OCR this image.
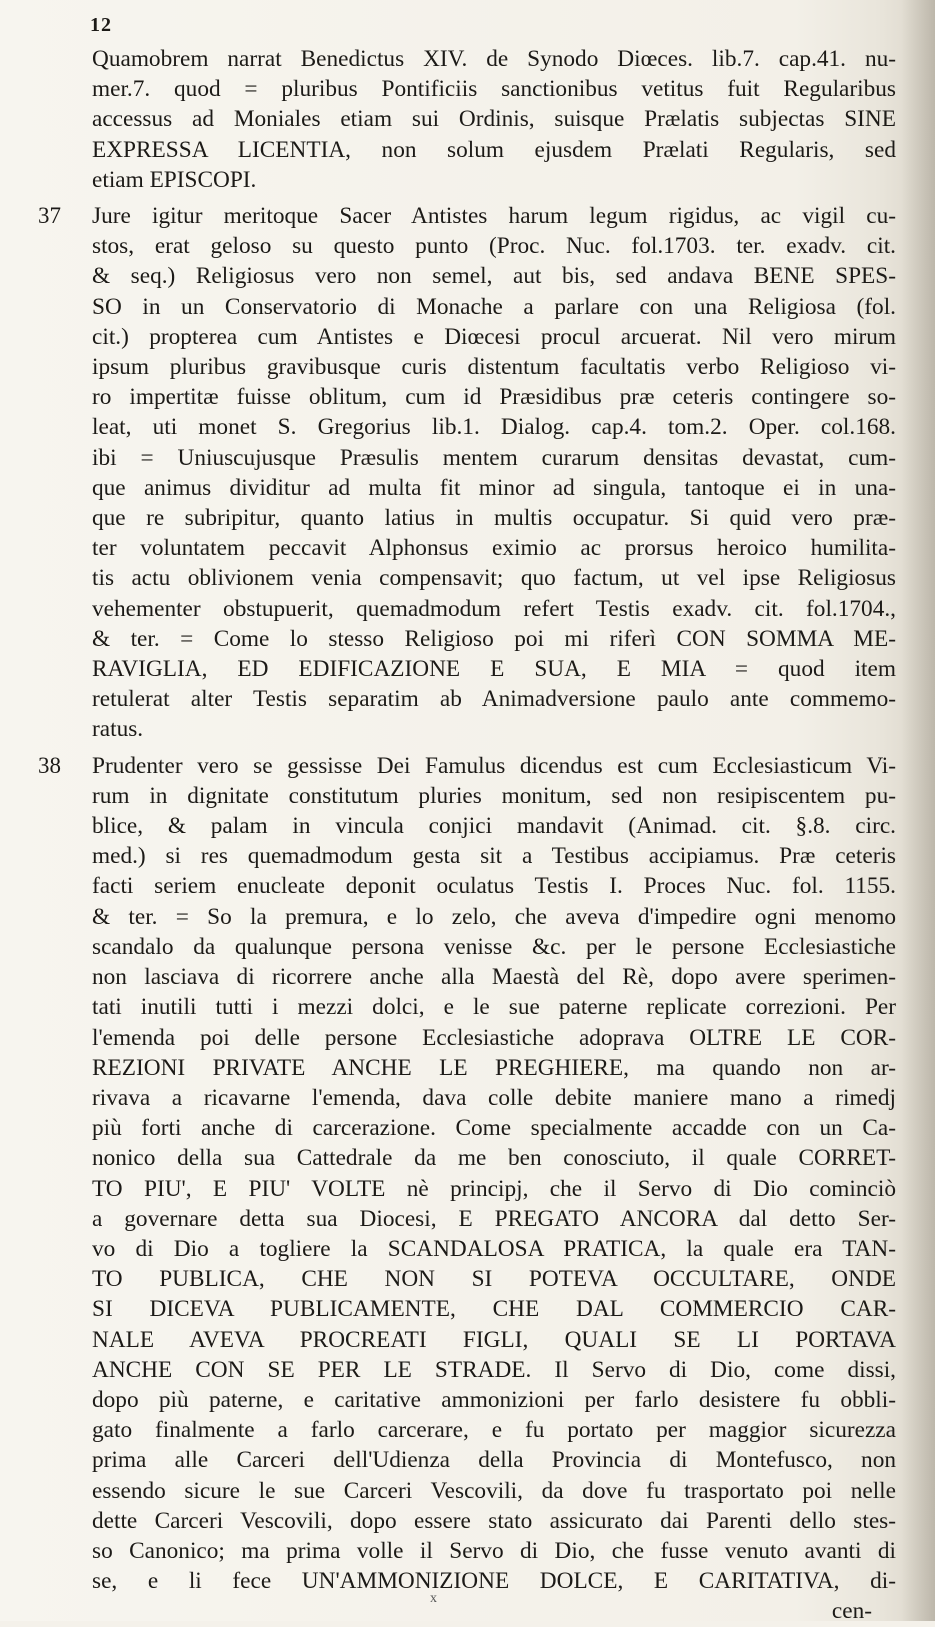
12
Quamobrem narrat Benedictus XIV. de Synodo Diœces. lib.7. cap.41. nu-
mer.7. quod = pluribus Pontificiis sanctionibus vetitus fuit Regularibus
accessus ad Moniales etiam sui Ordinis, suisque Prælatis subjectas SINE
EXPRESSA LICENTIA, non solum ejusdem Prælati Regularis, sed
etiam EPISCOPI.
37	Jure igitur meritoque Sacer Antistes harum legum rigidus, ac vigil cu-
stos, erat geloso su questo punto (Proc. Nuc. fol.1703. ter. exadv. cit.
& seq.) Religiosus vero non semel, aut bis, sed andava BENE SPES-
SO in un Conservatorio di Monache a parlare con una Religiosa (fol.
cit.) propterea cum Antistes e Diœcesi procul arcuerat. Nil vero mirum
ipsum pluribus gravibusque curis distentum facultatis verbo Religioso vi-
ro impertitæ fuisse oblitum, cum id Præsidibus præ ceteris contingere so-
leat, uti monet S. Gregorius lib.1. Dialog. cap.4. tom.2. Oper. col.168.
ibi = Uniuscujusque Præsulis mentem curarum densitas devastat, cum-
que animus dividitur ad multa fit minor ad singula, tantoque ei in una-
que re subripitur, quanto latius in multis occupatur. Si quid vero præ-
ter voluntatem peccavit Alphonsus eximio ac prorsus heroico humilita-
tis actu oblivionem venia compensavit; quo factum, ut vel ipse Religiosus
vehementer obstupuerit, quemadmodum refert Testis exadv. cit. fol.1704.,
& ter. = Come lo stesso Religioso poi mi riferì CON SOMMA ME-
RAVIGLIA, ED EDIFICAZIONE E SUA, E MIA = quod item
retulerat alter Testis separatim ab Animadversione paulo ante commemo-
ratus.
38	Prudenter vero se gessisse Dei Famulus dicendus est cum Ecclesiasticum Vi-
rum in dignitate constitutum pluries monitum, sed non resipiscentem pu-
blice, & palam in vincula conjici mandavit (Animad. cit. §.8. circ.
med.) si res quemadmodum gesta sit a Testibus accipiamus. Præ ceteris
facti seriem enucleate deponit oculatus Testis I. Proces Nuc. fol. 1155.
& ter. = So la premura, e lo zelo, che aveva d'impedire ogni menomo
scandalo da qualunque persona venisse &c. per le persone Ecclesiastiche
non lasciava di ricorrere anche alla Maestà del Rè, dopo avere sperimen-
tati inutili tutti i mezzi dolci, e le sue paterne replicate correzioni. Per
l'emenda poi delle persone Ecclesiastiche adoprava OLTRE LE COR-
REZIONI PRIVATE ANCHE LE PREGHIERE, ma quando non ar-
rivava a ricavarne l'emenda, dava colle debite maniere mano a rimedj
più forti anche di carcerazione. Come specialmente accadde con un Ca-
nonico della sua Cattedrale da me ben conosciuto, il quale CORRET-
TO PIU', E PIU' VOLTE nè principj, che il Servo di Dio cominciò
a governare detta sua Diocesi, E PREGATO ANCORA dal detto Ser-
vo di Dio a togliere la SCANDALOSA PRATICA, la quale era TAN-
TO PUBLICA, CHE NON SI POTEVA OCCULTARE, ONDE
SI DICEVA PUBLICAMENTE, CHE DAL COMMERCIO CAR-
NALE AVEVA PROCREATI FIGLI, QUALI SE LI PORTAVA
ANCHE CON SE PER LE STRADE. Il Servo di Dio, come dissi,
dopo più paterne, e caritative ammonizioni per farlo desistere fu obbli-
gato finalmente a farlo carcerare, e fu portato per maggior sicurezza
prima alle Carceri dell'Udienza della Provincia di Montefusco, non
essendo sicure le sue Carceri Vescovili, da dove fu trasportato poi nelle
dette Carceri Vescovili, dopo essere stato assicurato dai Parenti dello stes-
so Canonico; ma prima volle il Servo di Dio, che fusse venuto avanti di
se, e li fece UN'AMMONIZIONE DOLCE, E CARITATIVA, di-
cen-
x
